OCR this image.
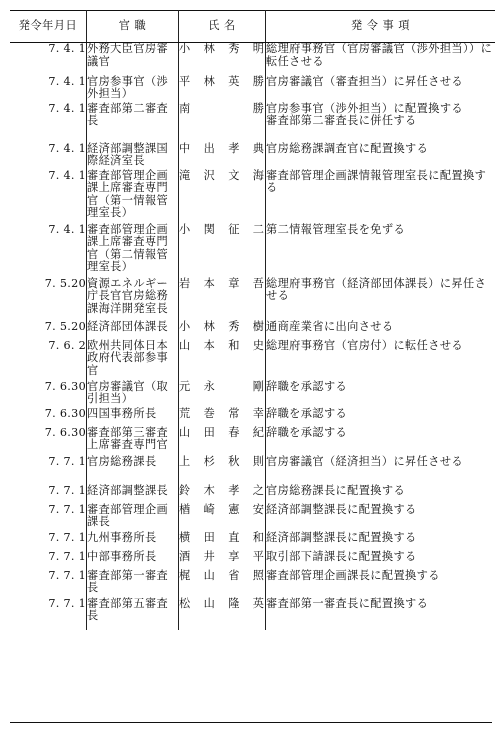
発令年月日	官 職	氏 名	発 令 事 項
7. 4. 1	外務大臣官房審議官	小林秀明	総理府事務官（官房審議官（渉外担当））に転任させる
7. 4. 1	官房参事官（渉外担当）	平林英勝	官房審議官（審査担当）に昇任させる
7. 4. 1	審査部第二審査長	南　　勝	官房参事官（渉外担当）に配置換する
審査部第二審査長に併任する
7. 4. 1	経済部調整課国際経済室長	中出孝典	官房総務課調査官に配置換する
7. 4. 1	審査部管理企画課上席審査専門官（第一情報管理室長）	滝沢文海	審査部管理企画課情報管理室長に配置換する
7. 4. 1	審査部管理企画課上席審査専門官（第二情報管理室長）	小関征二	第二情報管理室長を免ずる
7. 5.20	資源エネルギー庁長官官房総務課海洋開発室長	岩本章吾	総理府事務官（経済部団体課長）に昇任させる
7. 5.20	経済部団体課長	小林秀樹	通商産業省に出向させる
7. 6. 2	欧州共同体日本政府代表部参事官	山本和史	総理府事務官（官房付）に転任させる
7. 6.30	官房審議官（取引担当）	元永　剛	辞職を承認する
7. 6.30	四国事務所長	荒巻常幸	辞職を承認する
7. 6.30	審査部第三審査上席審査専門官	山田春紀	辞職を承認する
7. 7. 1	官房総務課長	上杉秋則	官房審議官（経済担当）に昇任させる
7. 7. 1	経済部調整課長	鈴木孝之	官房総務課長に配置換する
7. 7. 1	審査部管理企画課長	楢崎憲安	経済部調整課長に配置換する
7. 7. 1	九州事務所長	横田直和	経済部調整課長に配置換する
7. 7. 1	中部事務所長	酒井享平	取引部下請課長に配置換する
7. 7. 1	審査部第一審査長	梶山省照	審査部管理企画課長に配置換する
7. 7. 1	審査部第五審査長	松山隆英	審査部第一審査長に配置換する
